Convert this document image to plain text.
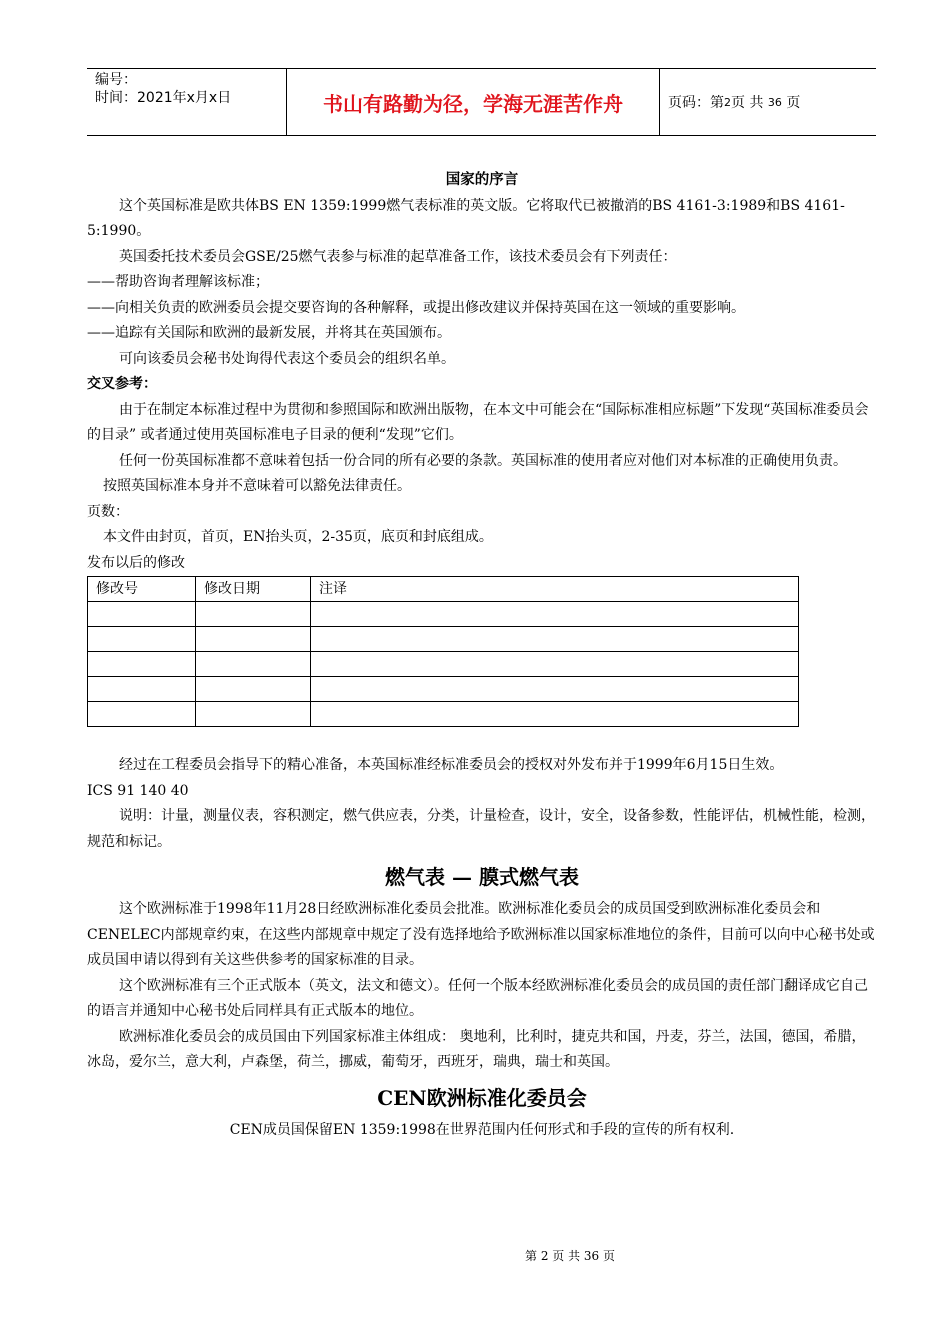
编号：
时间：2021年x月x日	书山有路勤为径，学海无涯苦作舟	页码：第 2 页 共
36
页

国家的序言

这个英国标准是欧共体BS EN 1359:1999燃气表标准的英文版。它将取代已被撤消的BS 4161-3:1989和BS 4161-5:1990。

英国委托技术委员会GSE/25燃气表参与标准的起草准备工作，该技术委员会有下列责任：

——帮助咨询者理解该标准；

——向相关负责的欧洲委员会提交要咨询的各种解释，或提出修改建议并保持英国在这一领域的重要影响。

——追踪有关国际和欧洲的最新发展，并将其在英国颁布。

可向该委员会秘书处询得代表这个委员会的组织名单。

交叉参考：

由于在制定本标准过程中为贯彻和参照国际和欧洲出版物，在本文中可能会在“国际标准相应标题”下发现“英国标准委员会的目录” 或者通过使用英国标准电子目录的便利“发现”它们。

任何一份英国标准都不意味着包括一份合同的所有必要的条款。英国标准的使用者应对他们对本标准的正确使用负责。

按照英国标准本身并不意味着可以豁免法律责任。

页数：

本文件由封页，首页，EN抬头页，2-35页，底页和封底组成。

发布以后的修改

修改号	修改日期	注译

经过在工程委员会指导下的精心准备，本英国标准经标准委员会的授权对外发布并于1999年6月15日生效。

ICS 91 140 40

说明：计量，测量仪表，容积测定，燃气供应表，分类，计量检查，设计，安全，设备参数，性能评估，机械性能，检测，规范和标记。

燃气表 — 膜式燃气表

这个欧洲标准于1998年11月28日经欧洲标准化委员会批准。欧洲标准化委员会的成员国受到欧洲标准化委员会和CENELEC内部规章约束，在这些内部规章中规定了没有选择地给予欧洲标准以国家标准地位的条件，目前可以向中心秘书处或成员国申请以得到有关这些供参考的国家标准的目录。

这个欧洲标准有三个正式版本（英文，法文和德文）。任何一个版本经欧洲标准化委员会的成员国的责任部门翻译成它自己的语言并通知中心秘书处后同样具有正式版本的地位。

欧洲标准化委员会的成员国由下列国家标准主体组成： 奥地利，比利时，捷克共和国，丹麦，芬兰，法国，德国，希腊，冰岛，爱尔兰，意大利，卢森堡，荷兰，挪威，葡萄牙，西班牙，瑞典，瑞士和英国。

CEN欧洲标准化委员会

CEN成员国保留EN 1359:1998在世界范围内任何形式和手段的宣传的所有权利.

第 2 页 共 36 页
